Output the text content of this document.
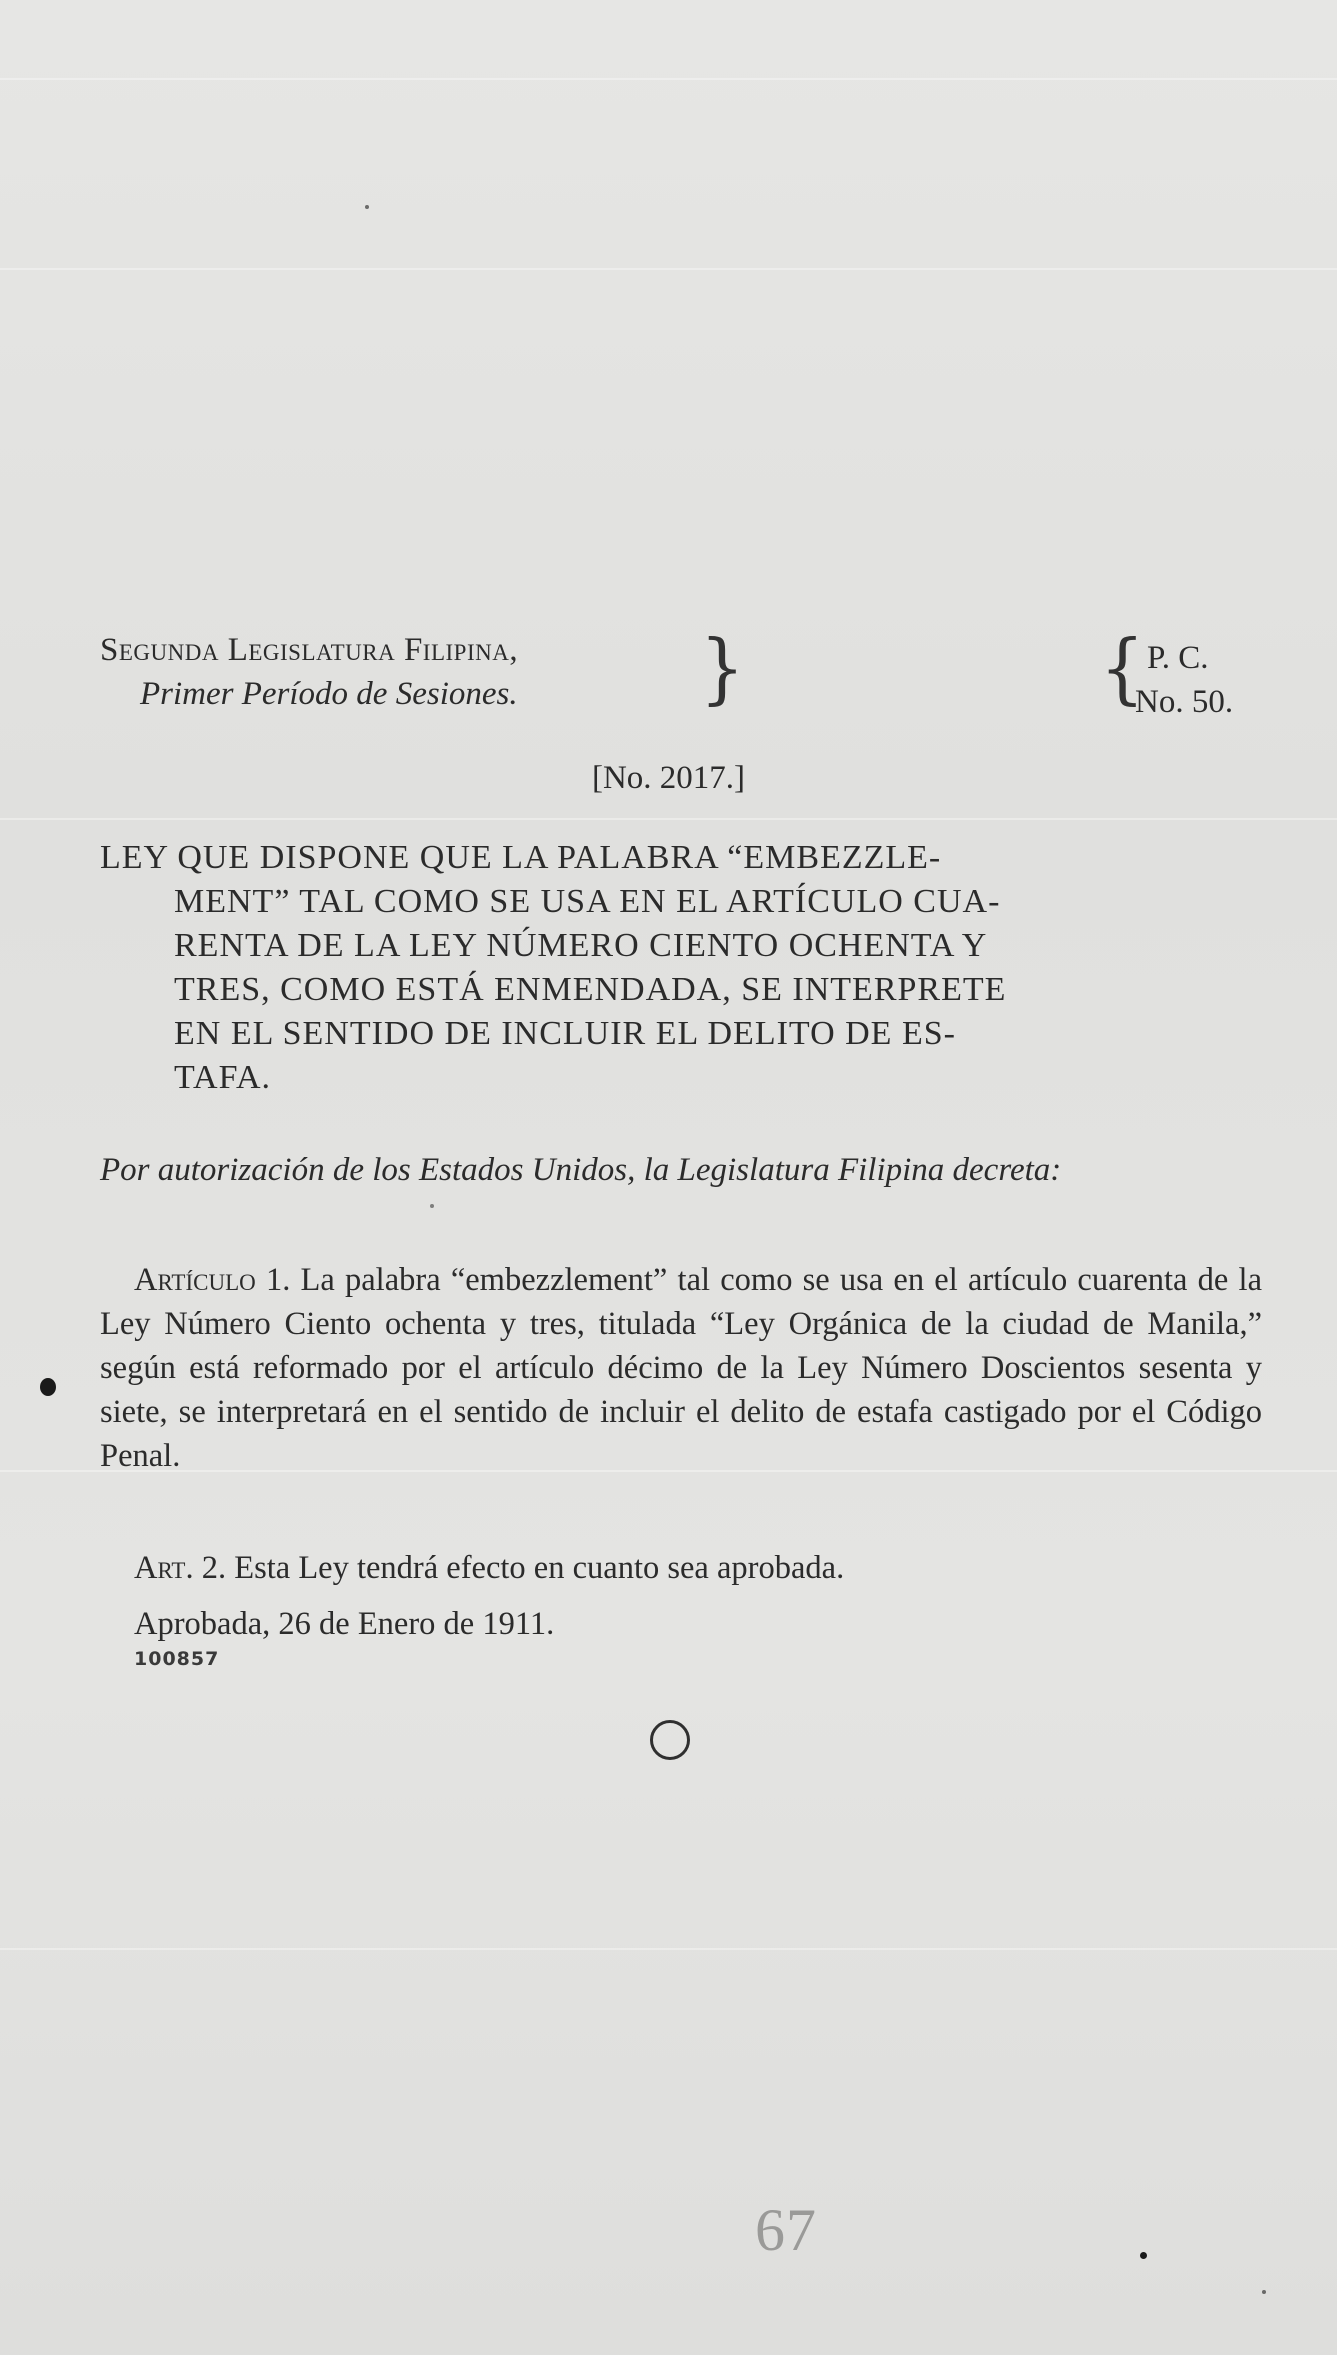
Segunda Legislatura Filipina,
Primer Período de Sesiones.	}	{ P. C.
No. 50.
[No. 2017.]
LEY QUE DISPONE QUE LA PALABRA “EMBEZZLE-
MENT” TAL COMO SE USA EN EL ARTÍCULO CUA-
RENTA DE LA LEY NÚMERO CIENTO OCHENTA Y
TRES, COMO ESTÁ ENMENDADA, SE INTERPRETE
EN EL SENTIDO DE INCLUIR EL DELITO DE ES-
TAFA.
Por autorización de los Estados Unidos, la Legislatura Filipina decreta:
Artículo 1. La palabra “embezzlement” tal como se usa en el artículo cuarenta de la Ley Número Ciento ochenta y tres, titulada “Ley Orgánica de la ciudad de Manila,” según está reformado por el artículo décimo de la Ley Número Doscientos sesenta y siete, se interpretará en el sentido de incluir el delito de estafa castigado por el Código Penal.
Art. 2. Esta Ley tendrá efecto en cuanto sea aprobada.
Aprobada, 26 de Enero de 1911.
100857
67
